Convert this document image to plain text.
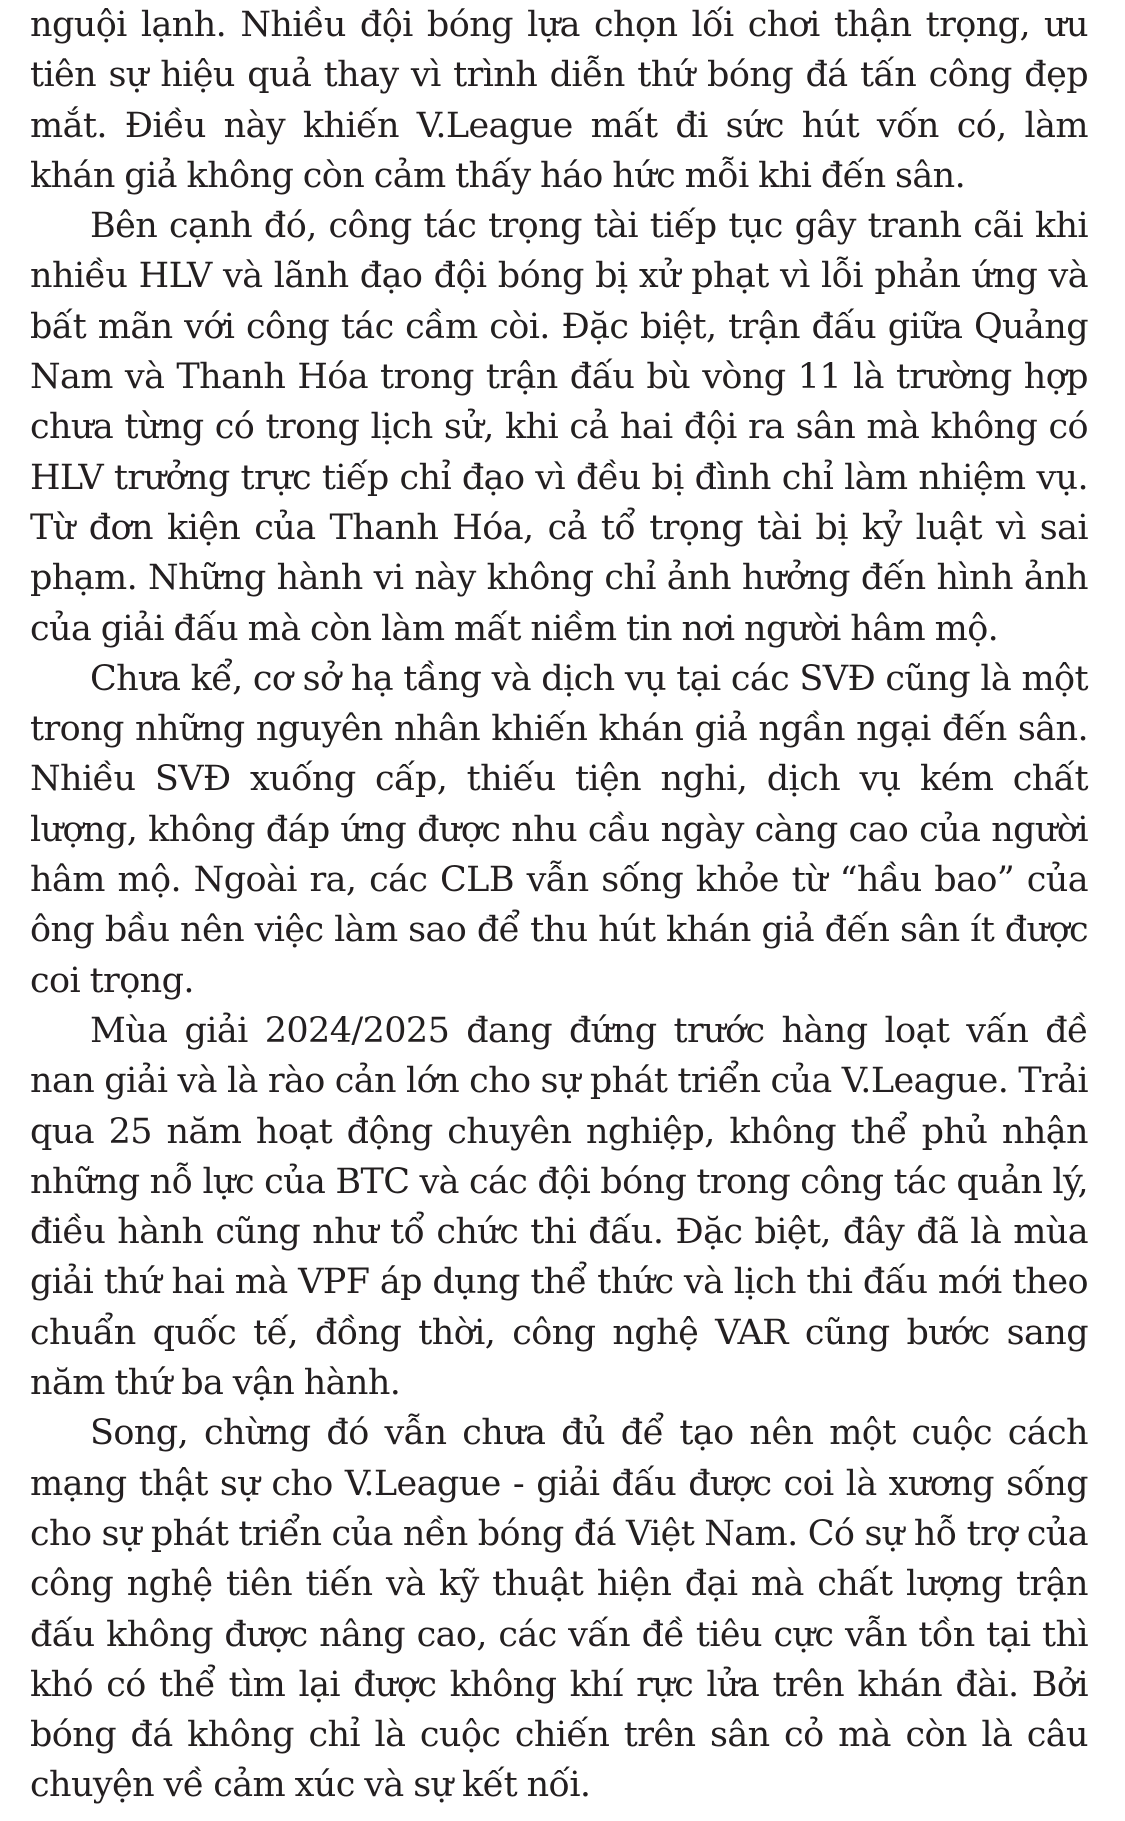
nguội lạnh. Nhiều đội bóng lựa chọn lối chơi thận trọng, ưu tiên sự hiệu quả thay vì trình diễn thứ bóng đá tấn công đẹp mắt. Điều này khiến V.League mất đi sức hút vốn có, làm khán giả không còn cảm thấy háo hức mỗi khi đến sân.

Bên cạnh đó, công tác trọng tài tiếp tục gây tranh cãi khi nhiều HLV và lãnh đạo đội bóng bị xử phạt vì lỗi phản ứng và bất mãn với công tác cầm còi. Đặc biệt, trận đấu giữa Quảng Nam và Thanh Hóa trong trận đấu bù vòng 11 là trường hợp chưa từng có trong lịch sử, khi cả hai đội ra sân mà không có HLV trưởng trực tiếp chỉ đạo vì đều bị đình chỉ làm nhiệm vụ. Từ đơn kiện của Thanh Hóa, cả tổ trọng tài bị kỷ luật vì sai phạm. Những hành vi này không chỉ ảnh hưởng đến hình ảnh của giải đấu mà còn làm mất niềm tin nơi người hâm mộ.

Chưa kể, cơ sở hạ tầng và dịch vụ tại các SVĐ cũng là một trong những nguyên nhân khiến khán giả ngần ngại đến sân. Nhiều SVĐ xuống cấp, thiếu tiện nghi, dịch vụ kém chất lượng, không đáp ứng được nhu cầu ngày càng cao của người hâm mộ. Ngoài ra, các CLB vẫn sống khỏe từ “hầu bao” của ông bầu nên việc làm sao để thu hút khán giả đến sân ít được coi trọng.

Mùa giải 2024/2025 đang đứng trước hàng loạt vấn đề nan giải và là rào cản lớn cho sự phát triển của V.League. Trải qua 25 năm hoạt động chuyên nghiệp, không thể phủ nhận những nỗ lực của BTC và các đội bóng trong công tác quản lý, điều hành cũng như tổ chức thi đấu. Đặc biệt, đây đã là mùa giải thứ hai mà VPF áp dụng thể thức và lịch thi đấu mới theo chuẩn quốc tế, đồng thời, công nghệ VAR cũng bước sang năm thứ ba vận hành.

Song, chừng đó vẫn chưa đủ để tạo nên một cuộc cách mạng thật sự cho V.League - giải đấu được coi là xương sống cho sự phát triển của nền bóng đá Việt Nam. Có sự hỗ trợ của công nghệ tiên tiến và kỹ thuật hiện đại mà chất lượng trận đấu không được nâng cao, các vấn đề tiêu cực vẫn tồn tại thì khó có thể tìm lại được không khí rực lửa trên khán đài. Bởi bóng đá không chỉ là cuộc chiến trên sân cỏ mà còn là câu chuyện về cảm xúc và sự kết nối.
